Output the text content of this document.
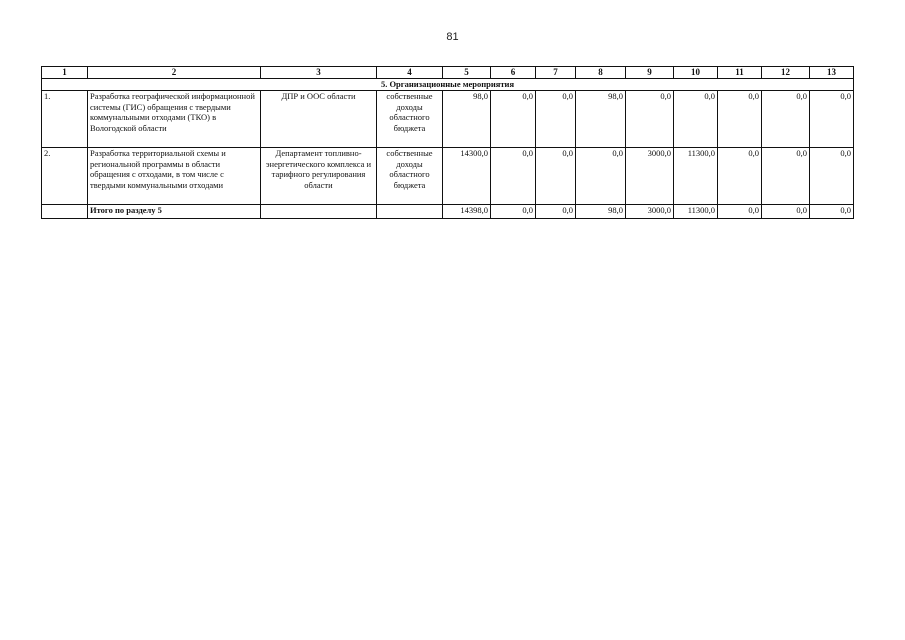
81
1	2	3	4	5	6	7	8	9	10	11	12	13
5. Организационные мероприятия												
1.	Разработка географической информационной системы (ГИС) обращения с твердыми коммунальными отходами (ТКО) в Вологодской области	ДПР и ООС области	собственные доходы областного бюджета	98,0	0,0	0,0	98,0	0,0	0,0	0,0	0,0	0,0
2.	Разработка территориальной схемы и региональной программы в области обращения с отходами, в том числе с твердыми коммунальными отходами	Департамент топливно-энергетического комплекса и тарифного регулирования области	собственные доходы областного бюджета	14300,0	0,0	0,0	0,0	3000,0	11300,0	0,0	0,0	0,0
	Итого по разделу 5			14398,0	0,0	0,0	98,0	3000,0	11300,0	0,0	0,0	0,0
